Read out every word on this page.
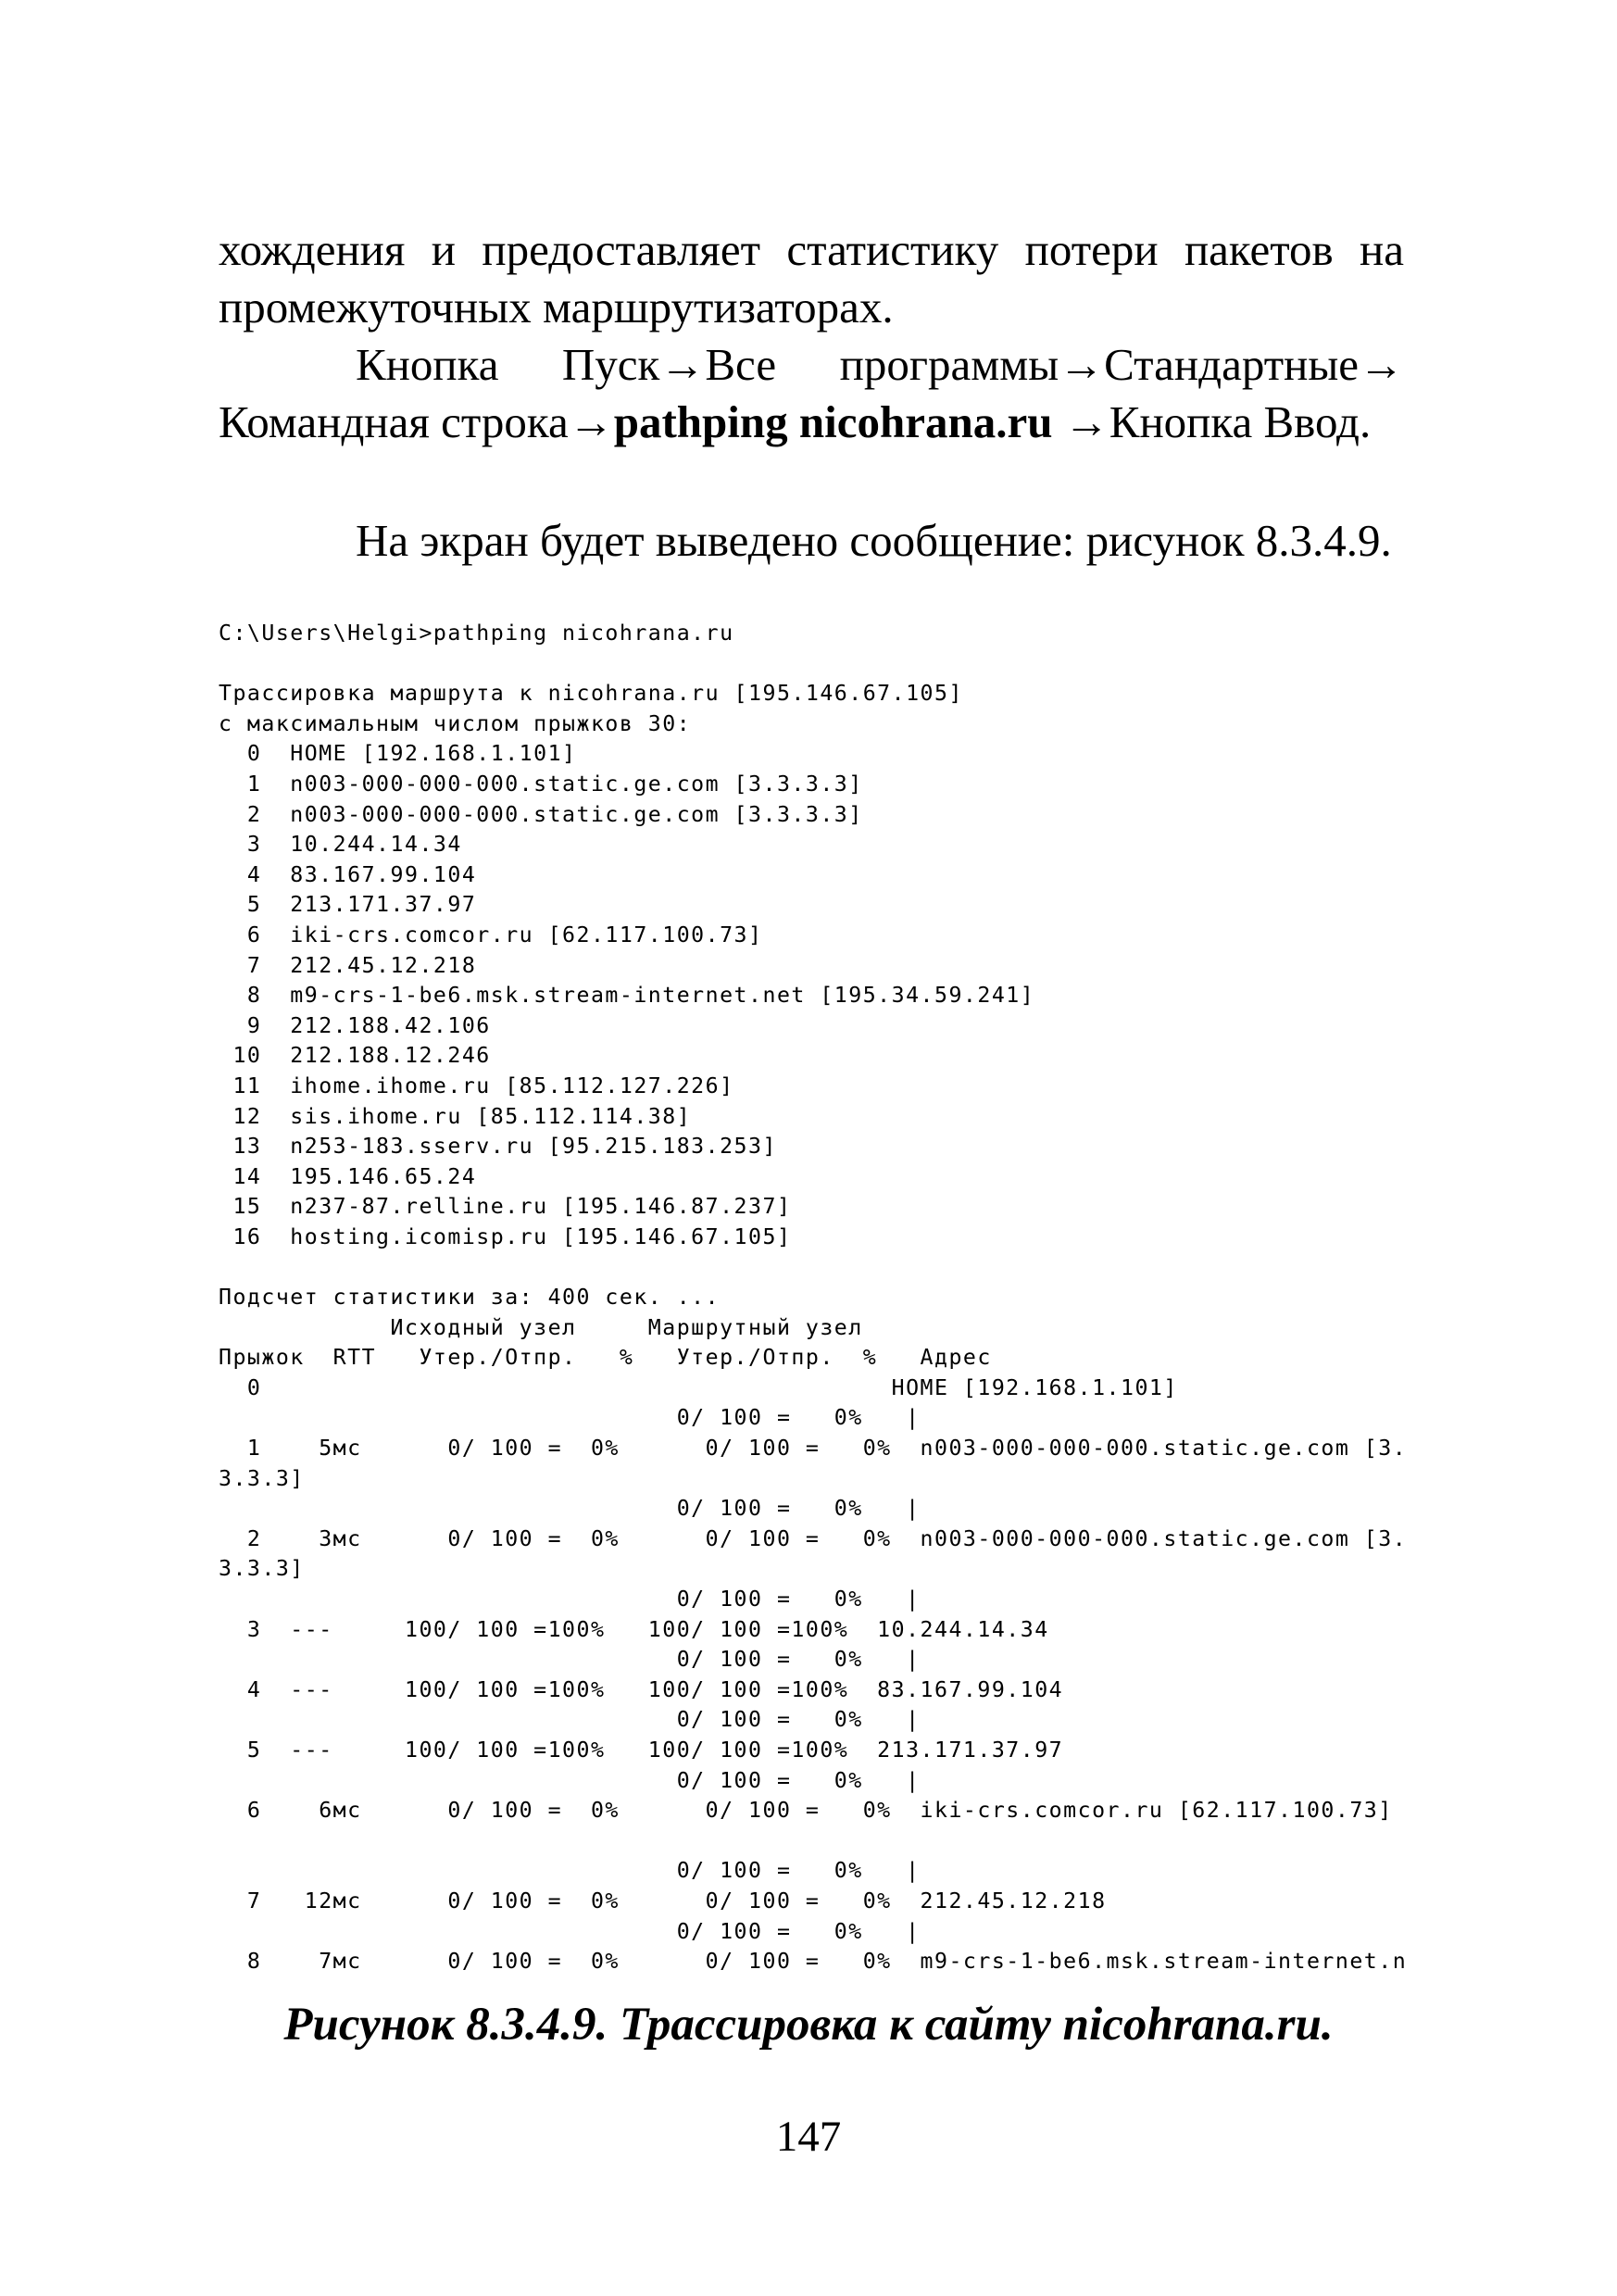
хождения и предоставляет статистику потери пакетов на промежуточных маршрутизаторах.

Кнопка Пуск→Все программы→Стандартные→ Командная строка→pathping nicohrana.ru →Кнопка Ввод.

На экран будет выведено сообщение: рисунок 8.3.4.9.

C:\Users\Helgi>pathping nicohrana.ru
Трассировка маршрута к nicohrana.ru [195.146.67.105]
с максимальным числом прыжков 30:
0  HOME [192.168.1.101]
1  n003-000-000-000.static.ge.com [3.3.3.3]
2  n003-000-000-000.static.ge.com [3.3.3.3]
3  10.244.14.34
4  83.167.99.104
5  213.171.37.97
6  iki-crs.comcor.ru [62.117.100.73]
7  212.45.12.218
8  m9-crs-1-be6.msk.stream-internet.net [195.34.59.241]
9  212.188.42.106
10  212.188.12.246
11  ihome.ihome.ru [85.112.127.226]
12  sis.ihome.ru [85.112.114.38]
13  n253-183.sserv.ru [95.215.183.253]
14  195.146.65.24
15  n237-87.relline.ru [195.146.87.237]
16  hosting.icomisp.ru [195.146.67.105]
Подсчет статистики за: 400 сек. ...
Исходный узел     Маршрутный узел
Прыжок  RTT   Утер./Отпр.   %   Утер./Отпр.  %   Адрес
0                                            HOME [192.168.1.101]
0/ 100 =   0%   |
1    5мс      0/ 100 =  0%      0/ 100 =   0%  n003-000-000-000.static.ge.com [3.
3.3.3]
0/ 100 =   0%   |
2    3мс      0/ 100 =  0%      0/ 100 =   0%  n003-000-000-000.static.ge.com [3.
3.3.3]
0/ 100 =   0%   |
3  ---     100/ 100 =100%   100/ 100 =100%  10.244.14.34
0/ 100 =   0%   |
4  ---     100/ 100 =100%   100/ 100 =100%  83.167.99.104
0/ 100 =   0%   |
5  ---     100/ 100 =100%   100/ 100 =100%  213.171.37.97
0/ 100 =   0%   |
6    6мс      0/ 100 =  0%      0/ 100 =   0%  iki-crs.comcor.ru [62.117.100.73]
0/ 100 =   0%   |
7   12мс      0/ 100 =  0%      0/ 100 =   0%  212.45.12.218
0/ 100 =   0%   |
8    7мс      0/ 100 =  0%      0/ 100 =   0%  m9-crs-1-be6.msk.stream-internet.n
Рисунок 8.3.4.9. Трассировка к сайту nicohrana.ru.
147
